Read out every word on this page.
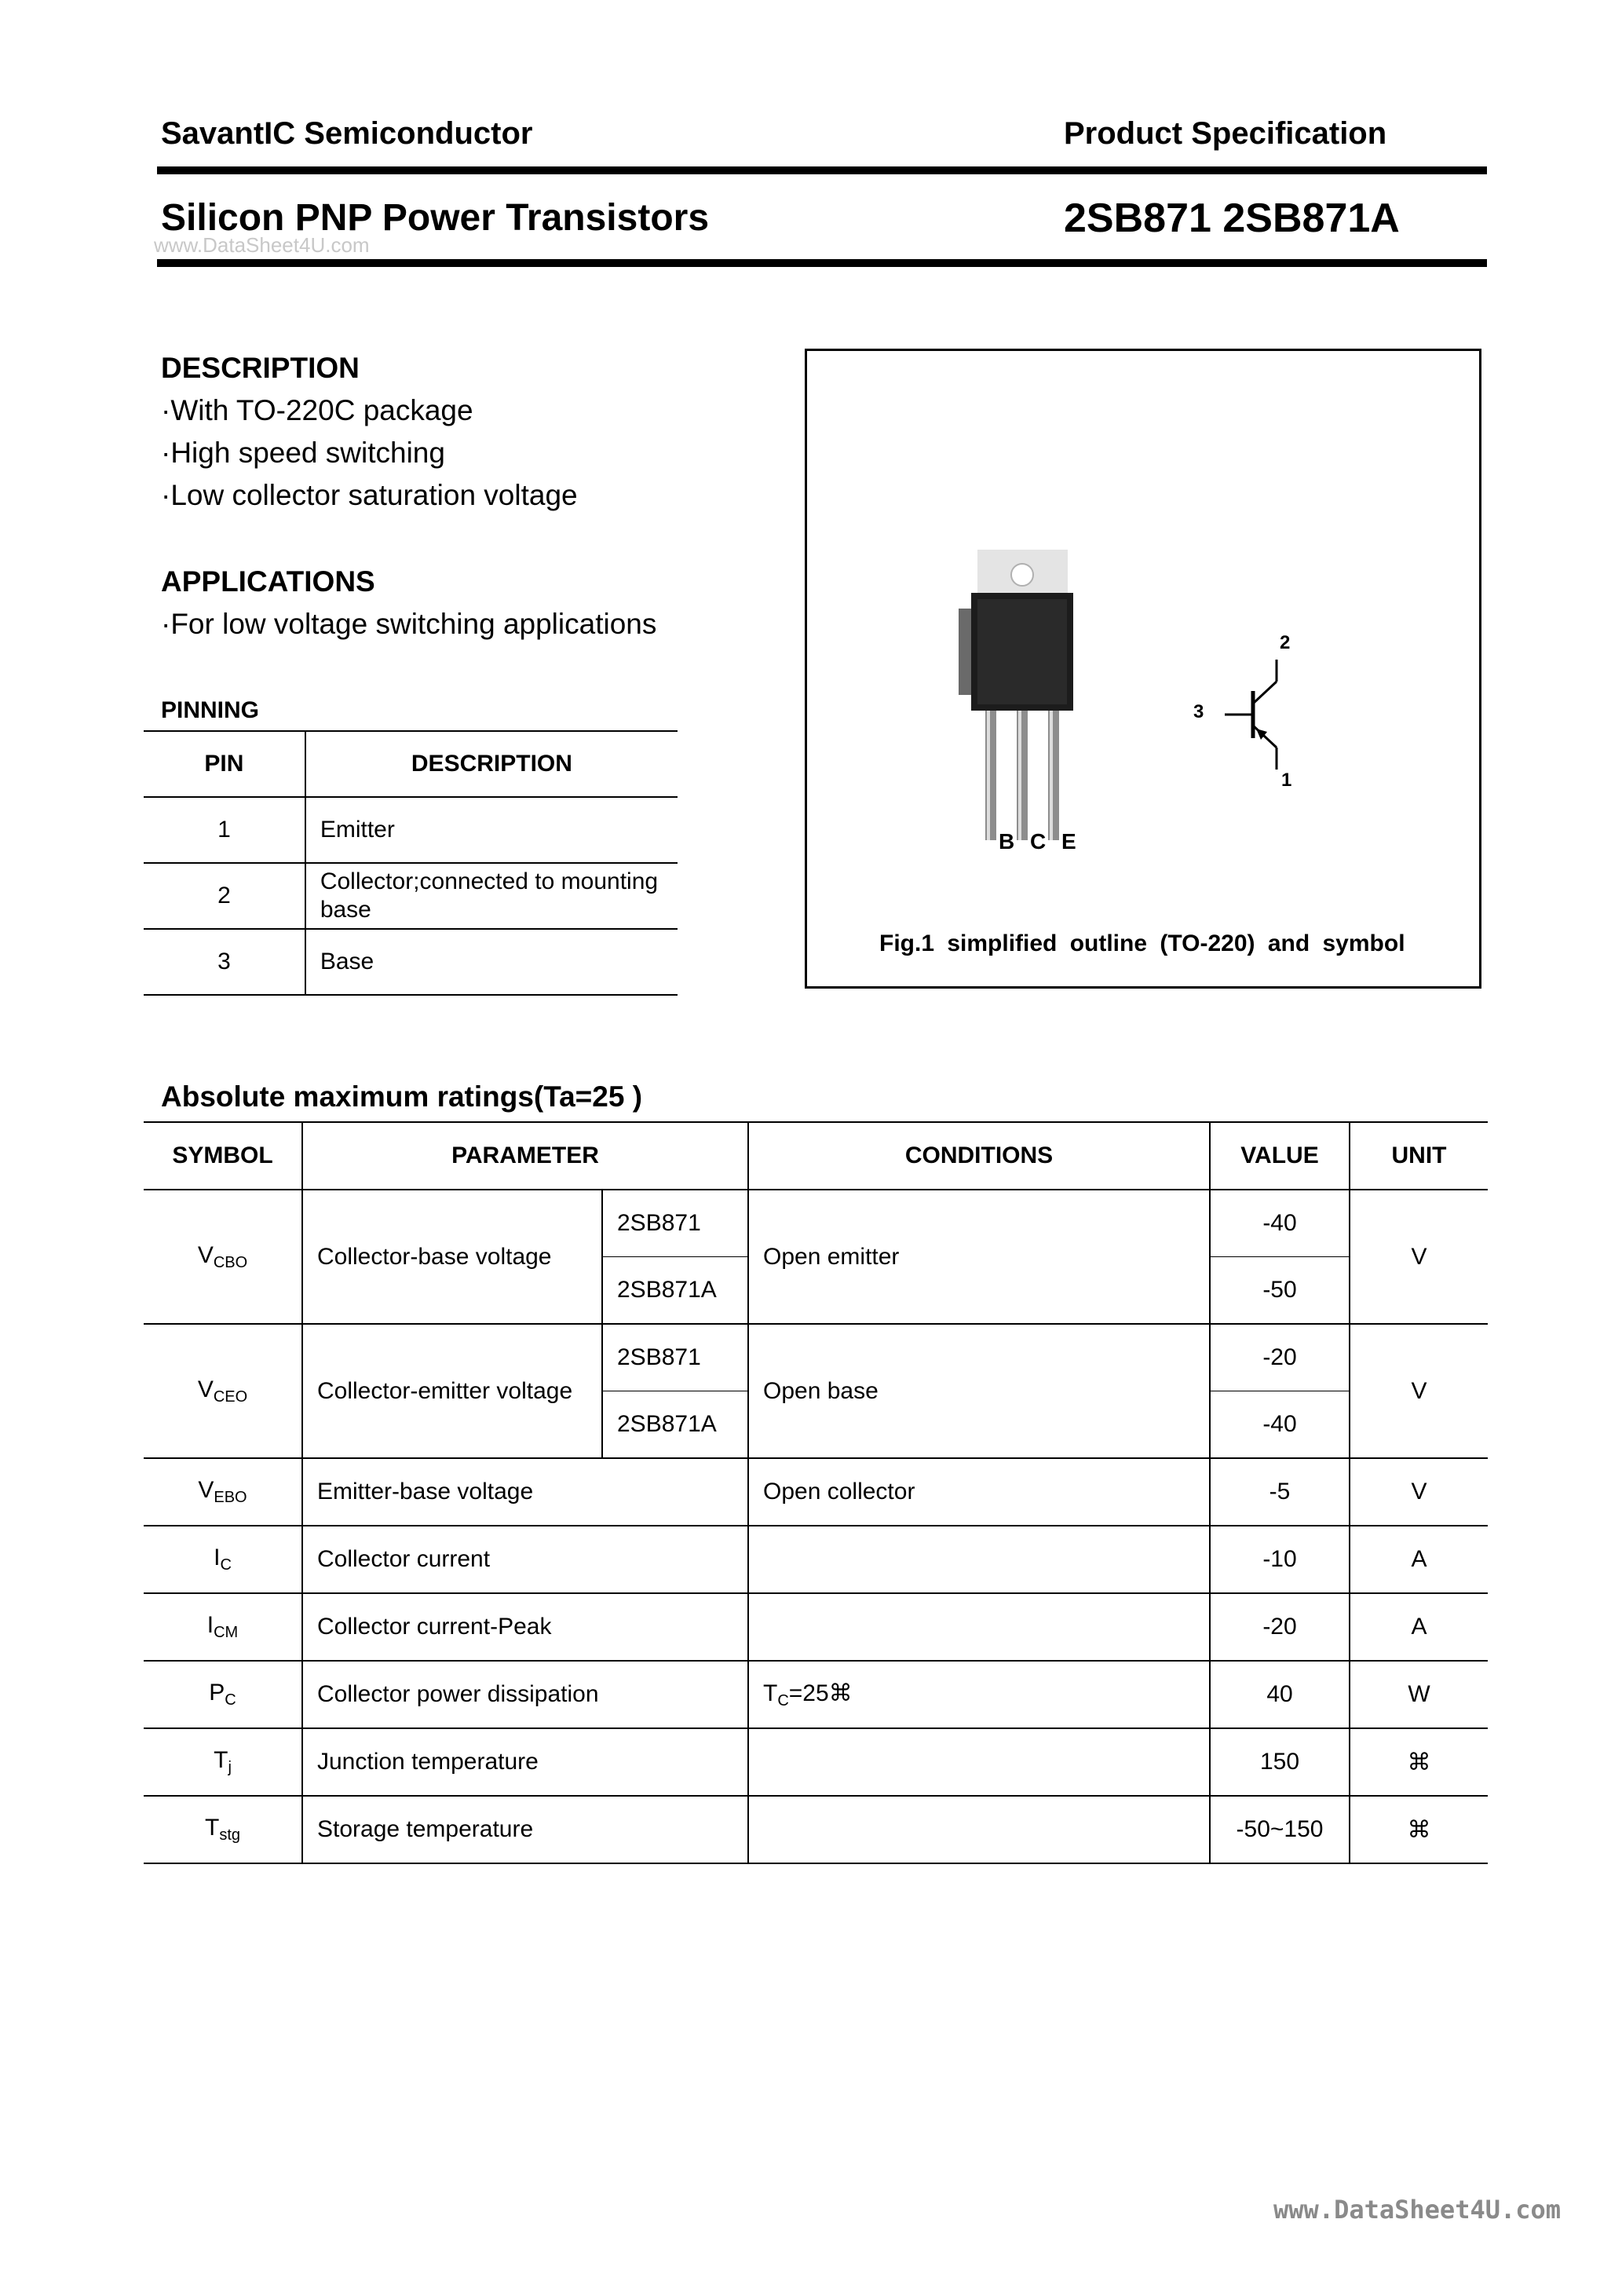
SavantIC Semiconductor	Product Specification
Silicon PNP Power Transistors	2SB871 2SB871A
www.DataSheet4U.com
DESCRIPTION
·With TO-220C package
·High speed switching
·Low collector saturation voltage
APPLICATIONS
·For low voltage switching applications
PINNING
PIN	DESCRIPTION
1	Emitter
2	Collector;connected to mounting base
3	Base
B C E
2
3
1
Fig.1 simplified outline (TO-220) and symbol
Absolute maximum ratings(Ta=25 )
SYMBOL	PARAMETER		CONDITIONS	VALUE	UNIT
$V_{CBO}$	Collector-base voltage	2SB871	Open emitter	-40	V
		2SB871A		-50	
$V_{CEO}$	Collector-emitter voltage	2SB871	Open base	-20	V
		2SB871A		-40	
$V_{EBO}$	Emitter-base voltage		Open collector	-5	V
$I_C$	Collector current			-10	A
$I_{CM}$	Collector current-Peak			-20	A
$P_C$	Collector power dissipation		$T_C=25⌘$	40	W
$T_j$	Junction temperature			150	⌘
$T_{stg}$	Storage temperature			-50~150	⌘
www.DataSheet4U.com
